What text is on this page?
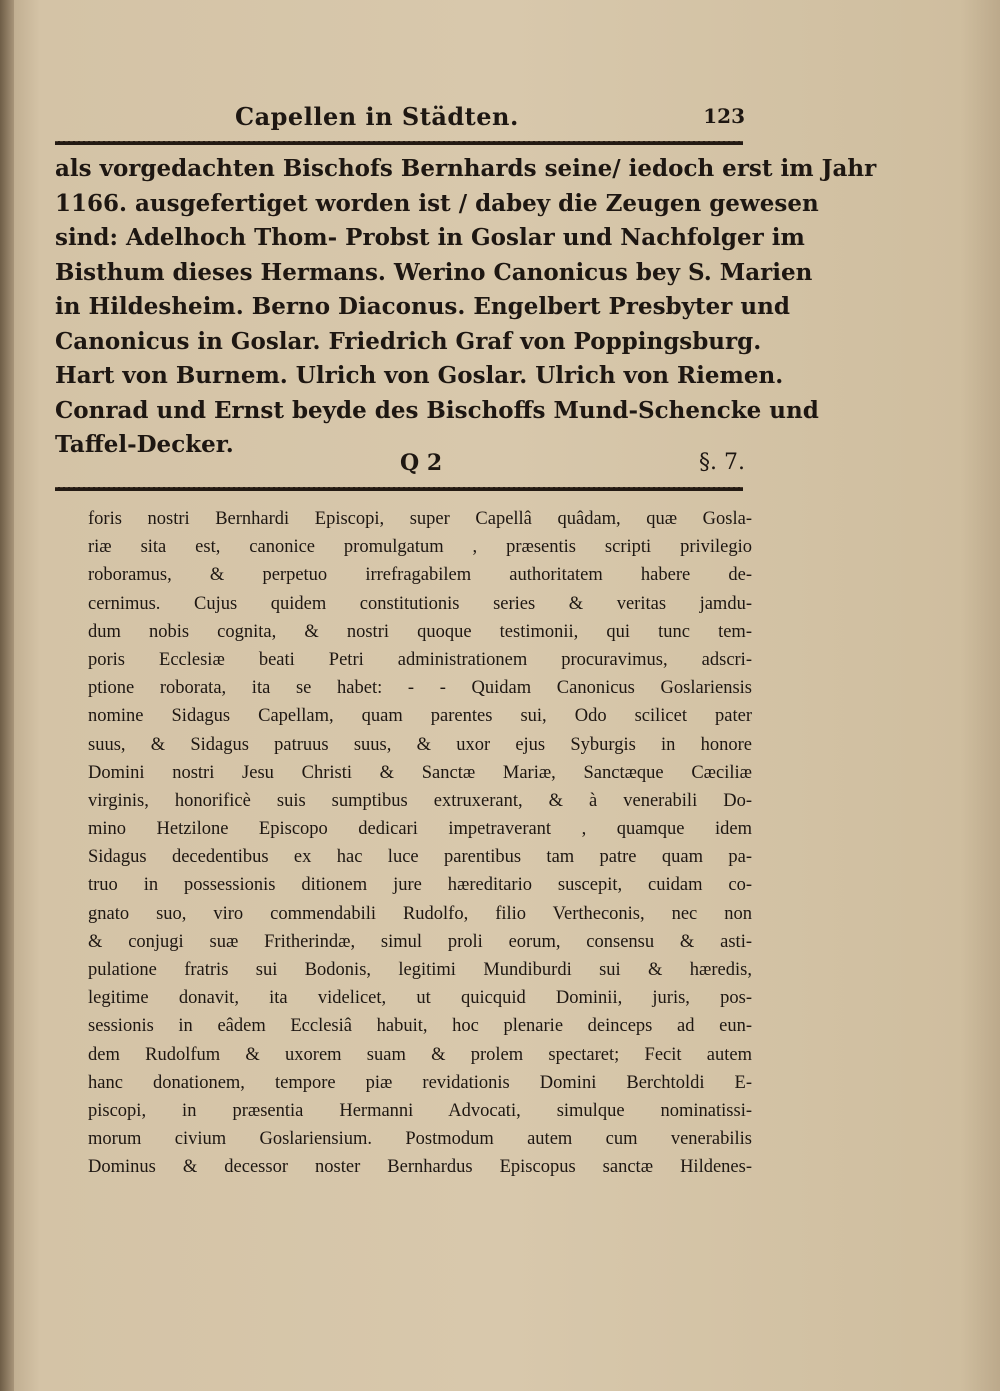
Capellen in Städten.	123
als vorgedachten Bischofs Bernhards seine/ iedoch erst im Jahr
1166. ausgefertiget worden ist / dabey die Zeugen gewesen
sind: Adelhoch Thom- Probst in Goslar und Nachfolger im
Bisthum dieses Hermans. Werino Canonicus bey S. Marien
in Hildesheim. Berno Diaconus. Engelbert Presbyter und
Canonicus in Goslar. Friedrich Graf von Poppingsburg.
Hart von Burnem. Ulrich von Goslar. Ulrich von Riemen.
Conrad und Ernst beyde des Bischoffs Mund-Schencke und
Taffel-Decker.
Q 2	§. 7.
foris nostri Bernhardi Episcopi, super Capellâ quâdam, quæ Gosla-
riæ sita est, canonice promulgatum , præsentis scripti privilegio
roboramus, & perpetuo irrefragabilem authoritatem habere de-
cernimus. Cujus quidem constitutionis series & veritas jamdu-
dum nobis cognita, & nostri quoque testimonii, qui tunc tem-
poris Ecclesiæ beati Petri administrationem procuravimus, adscri-
ptione roborata, ita se habet: - - Quidam Canonicus Goslariensis
nomine Sidagus Capellam, quam parentes sui, Odo scilicet pater
suus, & Sidagus patruus suus, & uxor ejus Syburgis in honore
Domini nostri Jesu Christi & Sanctæ Mariæ, Sanctæque Cæciliæ
virginis, honorificè suis sumptibus extruxerant, & à venerabili Do-
mino Hetzilone Episcopo dedicari impetraverant , quamque idem
Sidagus decedentibus ex hac luce parentibus tam patre quam pa-
truo in possessionis ditionem jure hæreditario suscepit, cuidam co-
gnato suo, viro commendabili Rudolfo, filio Vertheconis, nec non
& conjugi suæ Fritherindæ, simul proli eorum, consensu & asti-
pulatione fratris sui Bodonis, legitimi Mundiburdi sui & hæredis,
legitime donavit, ita videlicet, ut quicquid Dominii, juris, pos-
sessionis in eâdem Ecclesiâ habuit, hoc plenarie deinceps ad eun-
dem Rudolfum & uxorem suam & prolem spectaret; Fecit autem
hanc donationem, tempore piæ revidationis Domini Berchtoldi E-
piscopi, in præsentia Hermanni Advocati, simulque nominatissi-
morum civium Goslariensium. Postmodum autem cum venerabilis
Dominus & decessor noster Bernhardus Episcopus sanctæ Hildenes-
